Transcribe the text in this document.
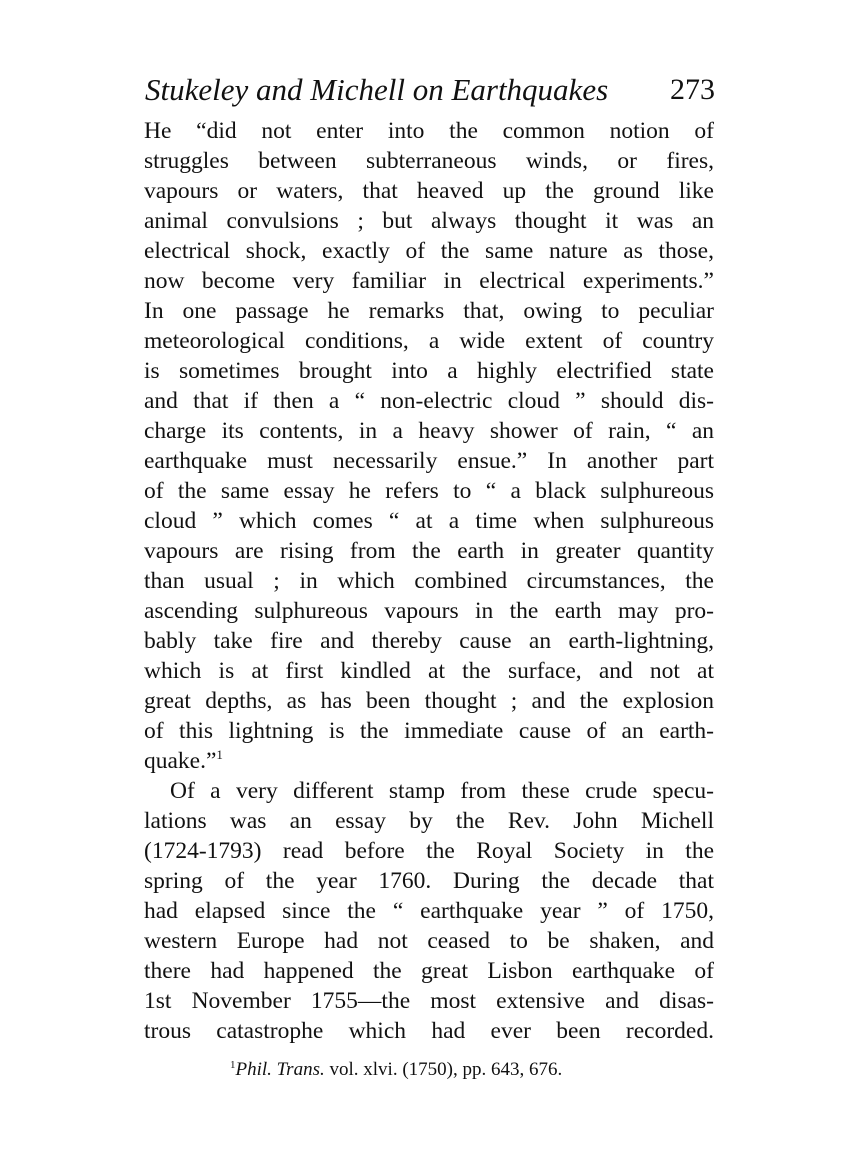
Stukeley and Michell on Earthquakes 273
He “did not enter into the common notion of
struggles between subterraneous winds, or fires,
vapours or waters, that heaved up the ground like
animal convulsions ; but always thought it was an
electrical shock, exactly of the same nature as those,
now become very familiar in electrical experiments.”
In one passage he remarks that, owing to peculiar
meteorological conditions, a wide extent of country
is sometimes brought into a highly electrified state
and that if then a “ non-electric cloud ” should dis-
charge its contents, in a heavy shower of rain, “ an
earthquake must necessarily ensue.” In another part
of the same essay he refers to “ a black sulphureous
cloud ” which comes “ at a time when sulphureous
vapours are rising from the earth in greater quantity
than usual ; in which combined circumstances, the
ascending sulphureous vapours in the earth may pro-
bably take fire and thereby cause an earth-lightning,
which is at first kindled at the surface, and not at
great depths, as has been thought ; and the explosion
of this lightning is the immediate cause of an earth-
quake.”$^1$
Of a very different stamp from these crude specu-
lations was an essay by the Rev. John Michell
(1724-1793) read before the Royal Society in the
spring of the year 1760. During the decade that
had elapsed since the “ earthquake year ” of 1750,
western Europe had not ceased to be shaken, and
there had happened the great Lisbon earthquake of
1st November 1755—the most extensive and disas-
trous catastrophe which had ever been recorded.
$^1$Phil. Trans. vol. xlvi. (1750), pp. 643, 676.
